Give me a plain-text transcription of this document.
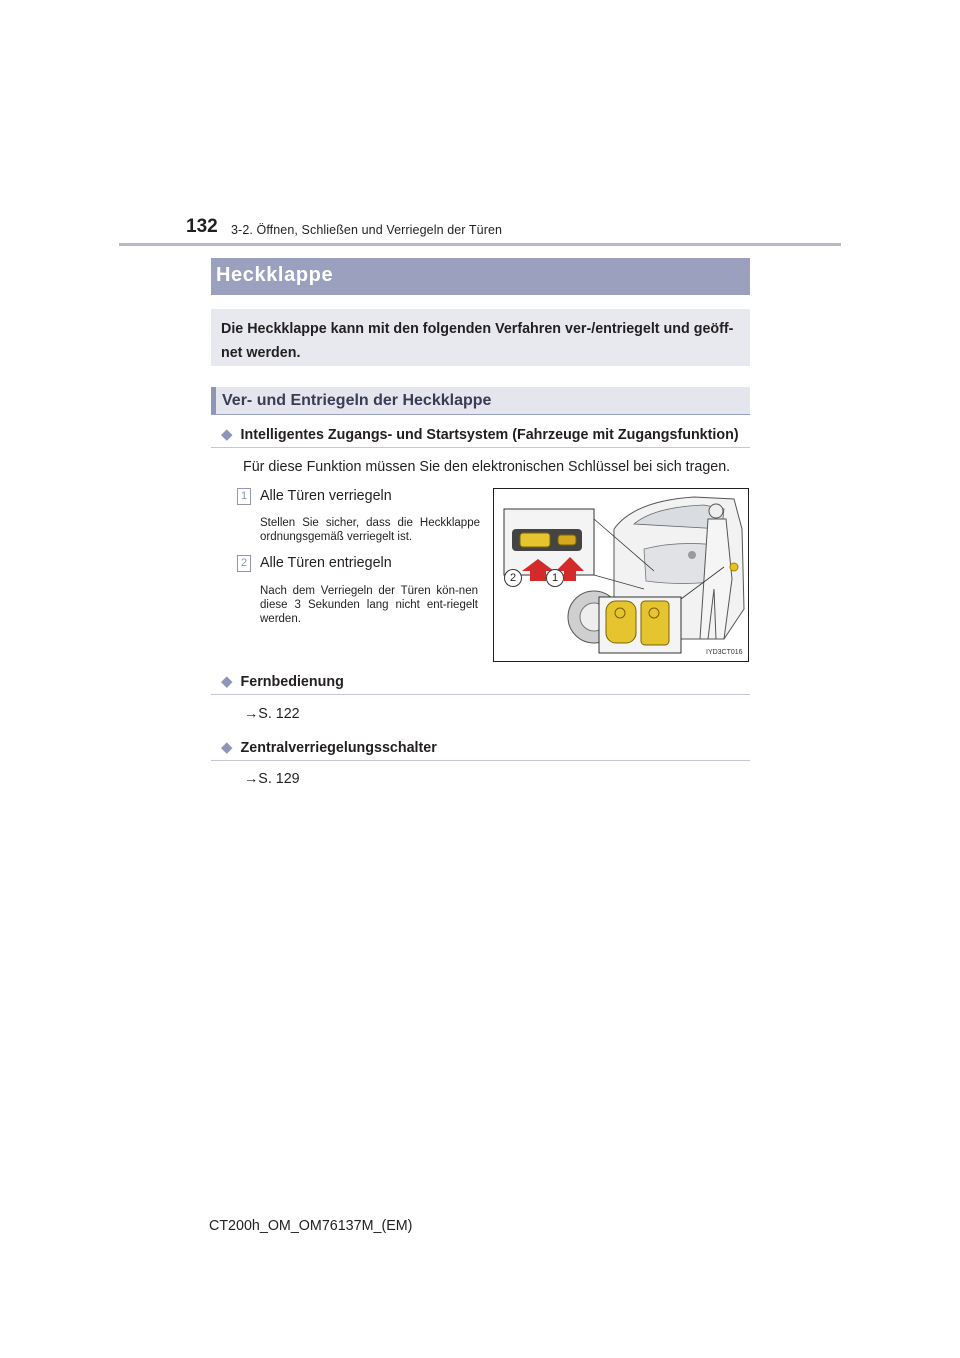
132 3-2. Öffnen, Schließen und Verriegeln der Türen
Heckklappe
Die Heckklappe kann mit den folgenden Verfahren ver-/entriegelt und geöff-net werden.
Ver- und Entriegeln der Heckklappe
◆ Intelligentes Zugangs- und Startsystem (Fahrzeuge mit Zugangsfunktion)
Für diese Funktion müssen Sie den elektronischen Schlüssel bei sich tragen.
1 Alle Türen verriegeln
Stellen Sie sicher, dass die Heckklappe ordnungsgemäß verriegelt ist.
2 Alle Türen entriegeln
Nach dem Verriegeln der Türen kön-nen diese 3 Sekunden lang nicht ent-riegelt werden.
2	1
IYD3CT016
◆ Fernbedienung
→S. 122
◆ Zentralverriegelungsschalter
→S. 129
CT200h_OM_OM76137M_(EM)
